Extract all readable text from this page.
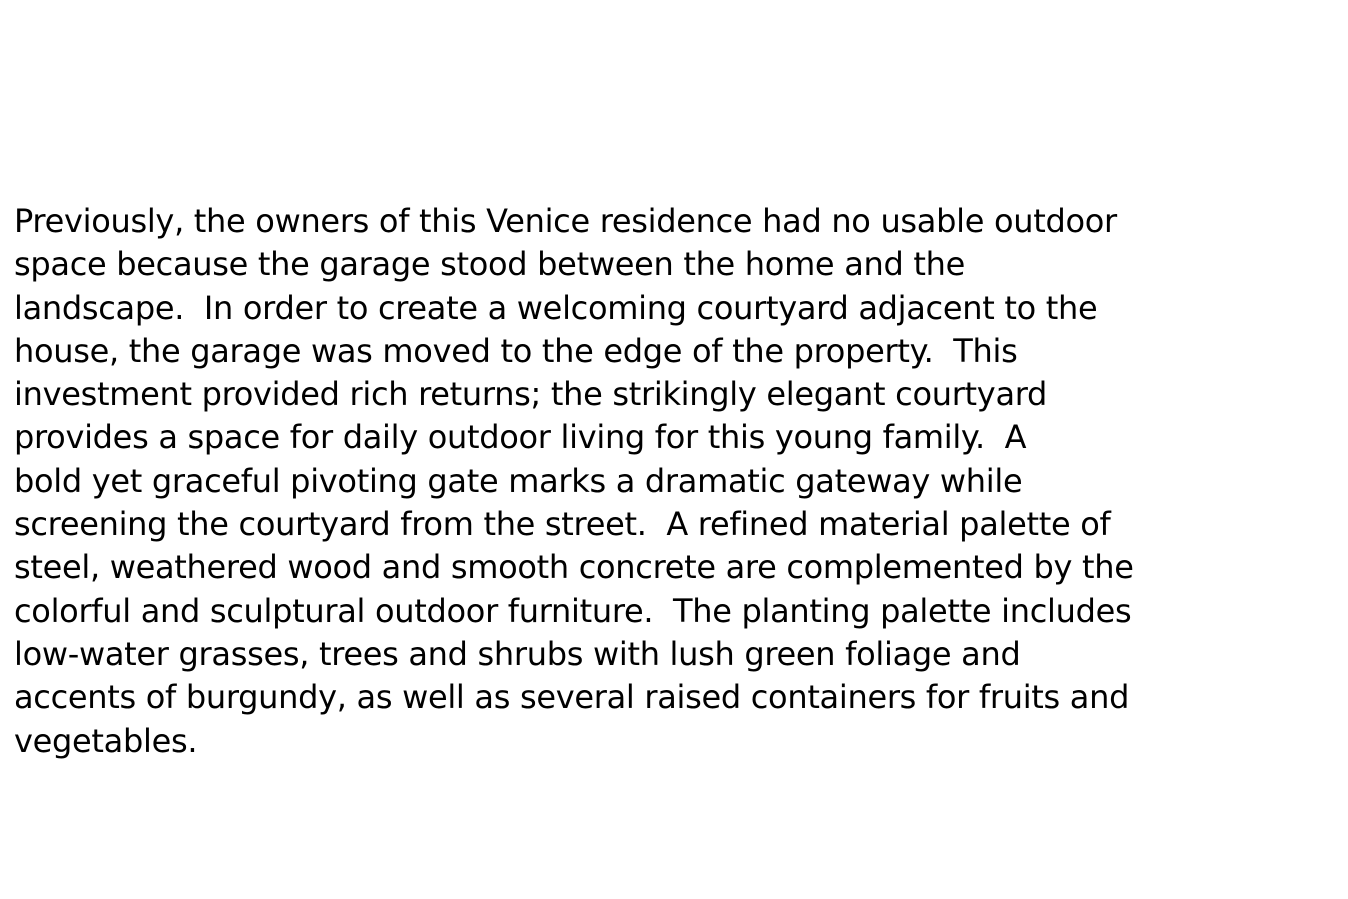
Previously, the owners of this Venice residence had no usable outdoor
space because the garage stood between the home and the
landscape.  In order to create a welcoming courtyard adjacent to the
house, the garage was moved to the edge of the property.  This
investment provided rich returns; the strikingly elegant courtyard
provides a space for daily outdoor living for this young family.  A
bold yet graceful pivoting gate marks a dramatic gateway while
screening the courtyard from the street.  A refined material palette of
steel, weathered wood and smooth concrete are complemented by the
colorful and sculptural outdoor furniture.  The planting palette includes
low-water grasses, trees and shrubs with lush green foliage and
accents of burgundy, as well as several raised containers for fruits and
vegetables.
